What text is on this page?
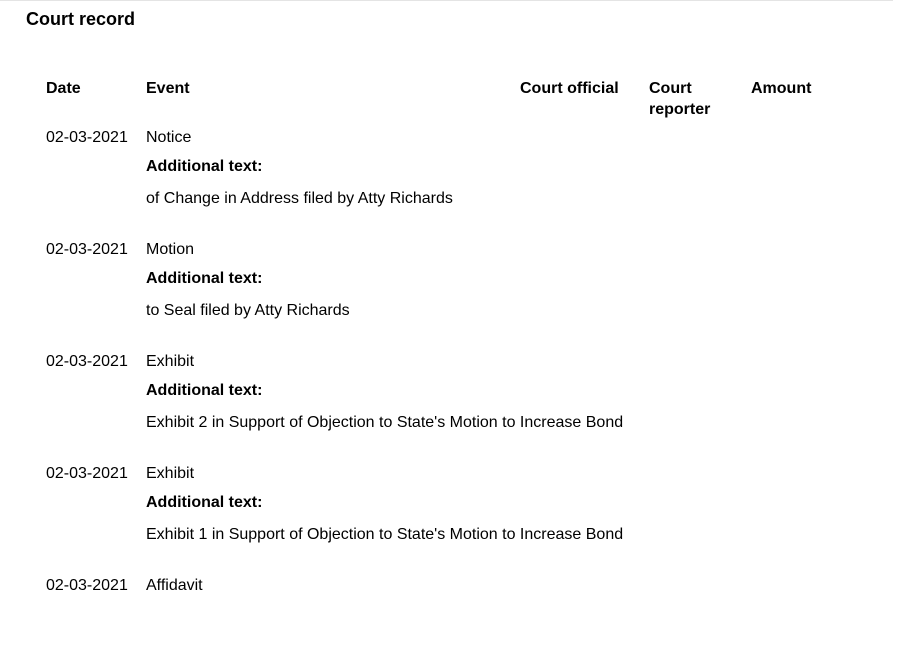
Court record
Date	Event	Court official Court reporter
Amount
02-03-2021 Notice
Additional text:
of Change in Address filed by Atty Richards
02-03-2021 Motion
Additional text:
to Seal filed by Atty Richards
02-03-2021 Exhibit
Additional text:
Exhibit 2 in Support of Objection to State's Motion to Increase Bond
02-03-2021 Exhibit
Additional text:
Exhibit 1 in Support of Objection to State's Motion to Increase Bond
02-03-2021 Affidavit
